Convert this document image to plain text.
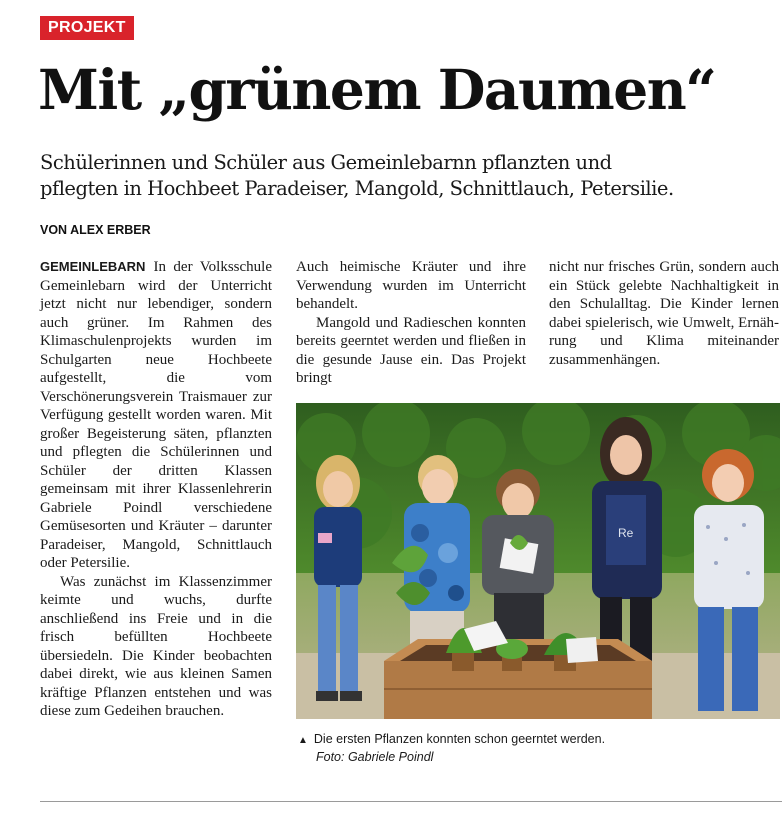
PROJEKT
Mit „grünem Daumen“
Schülerinnen und Schüler aus Gemeinlebarnn pflanzten und
pflegten in Hochbeet Paradeiser, Mangold, Schnittlauch, Petersilie.
VON ALEX ERBER

GEMEINLEBARN In der Volksschule Gemeinlebarn wird der Unterricht jetzt nicht nur lebendiger, sondern auch grüner. Im Rahmen des Klimaschulenprojekts wurden im Schulgarten neue Hochbeete aufgestellt, die vom Verschönerungsverein Traismauer zur Verfügung gestellt worden waren. Mit großer Begeisterung säten, pflanzten und pflegten die Schülerinnen und Schüler der dritten Klassen gemeinsam mit ihrer Klassenlehrerin Gabriele Poindl verschiedene Gemüsesorten und Kräuter – darunter Paradeiser, Mangold, Schnittlauch oder Petersilie.

Was zunächst im Klassenzimmer keimte und wuchs, durfte anschließend ins Freie und in die frisch befüllten Hochbeete übersiedeln. Die Kinder beobachten dabei direkt, wie aus kleinen Samen kräftige Pflanzen entstehen und was diese zum Gedeihen brauchen.

Auch heimische Kräuter und ihre Verwendung wurden im Unterricht behandelt.

Mangold und Radieschen konnten bereits geerntet werden und fließen in die gesunde Jause ein. Das Projekt bringt

nicht nur frisches Grün, sondern auch ein Stück gelebte Nachhaltigkeit in den Schulalltag. Die Kinder lernen dabei spielerisch, wie Umwelt, Ernährung und Klima miteinander zusammenhängen.

Re
▲ Die ersten Pflanzen konnten schon geerntet werden.
Foto: Gabriele Poindl
